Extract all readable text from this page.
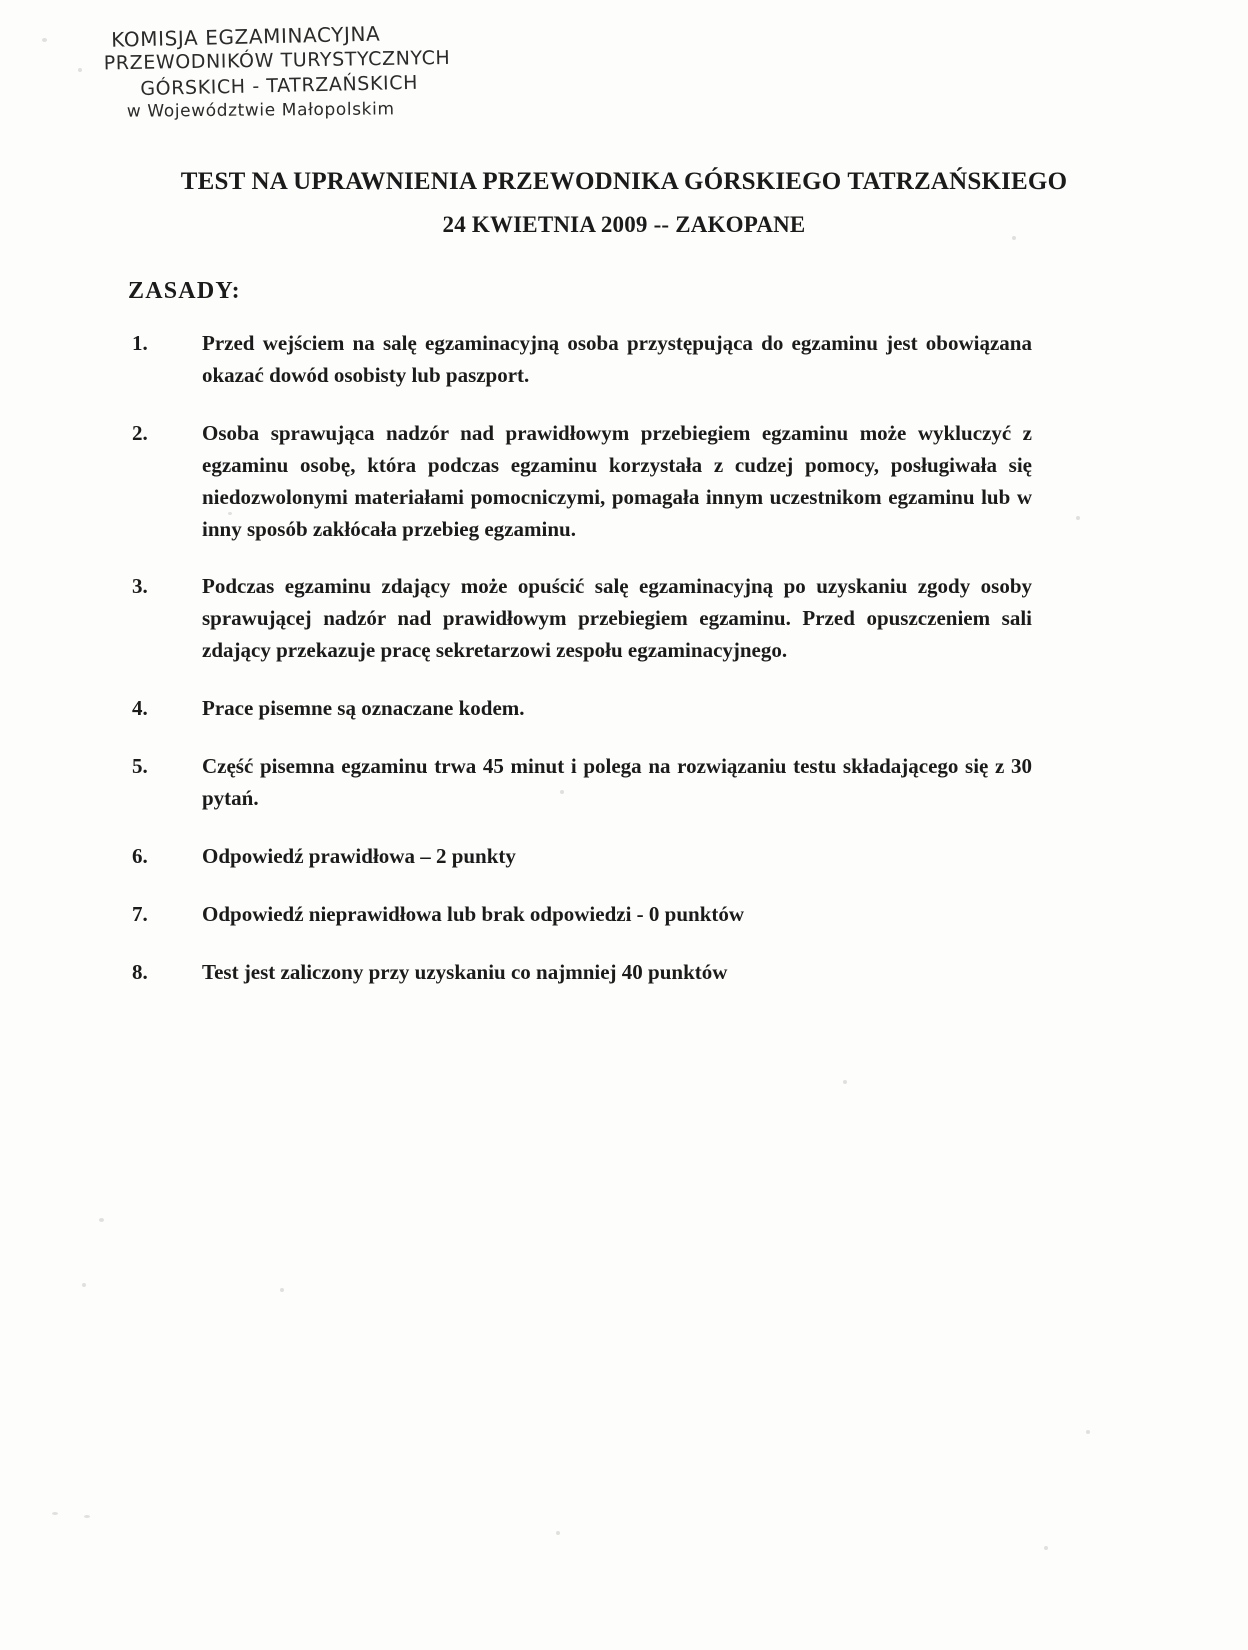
KOMISJA EGZAMINACYJNA
PRZEWODNIKÓW TURYSTYCZNYCH
GÓRSKICH - TATRZAŃSKICH
w Województwie Małopolskim
TEST NA UPRAWNIENIA PRZEWODNIKA GÓRSKIEGO TATRZAŃSKIEGO
24 KWIETNIA 2009 -- ZAKOPANE
ZASADY:
1.	Przed wejściem na salę egzaminacyjną osoba przystępująca do egzaminu jest obowiązana okazać dowód osobisty lub paszport.
2.	Osoba sprawująca nadzór nad prawidłowym przebiegiem egzaminu może wykluczyć z egzaminu osobę, która podczas egzaminu korzystała z cudzej pomocy, posługiwała się niedozwolonymi materiałami pomocniczymi, pomagała innym uczestnikom egzaminu lub w inny sposób zakłócała przebieg egzaminu.
3.	Podczas egzaminu zdający może opuścić salę egzaminacyjną po uzyskaniu zgody osoby sprawującej nadzór nad prawidłowym przebiegiem egzaminu. Przed opuszczeniem sali zdający przekazuje pracę sekretarzowi zespołu egzaminacyjnego.
4.	Prace pisemne są oznaczane kodem.
5.	Część pisemna egzaminu trwa 45 minut i polega na rozwiązaniu testu składającego się z 30 pytań.
6.	Odpowiedź prawidłowa – 2 punkty
7.	Odpowiedź nieprawidłowa lub brak odpowiedzi - 0 punktów
8.	Test jest zaliczony przy uzyskaniu co najmniej 40 punktów
